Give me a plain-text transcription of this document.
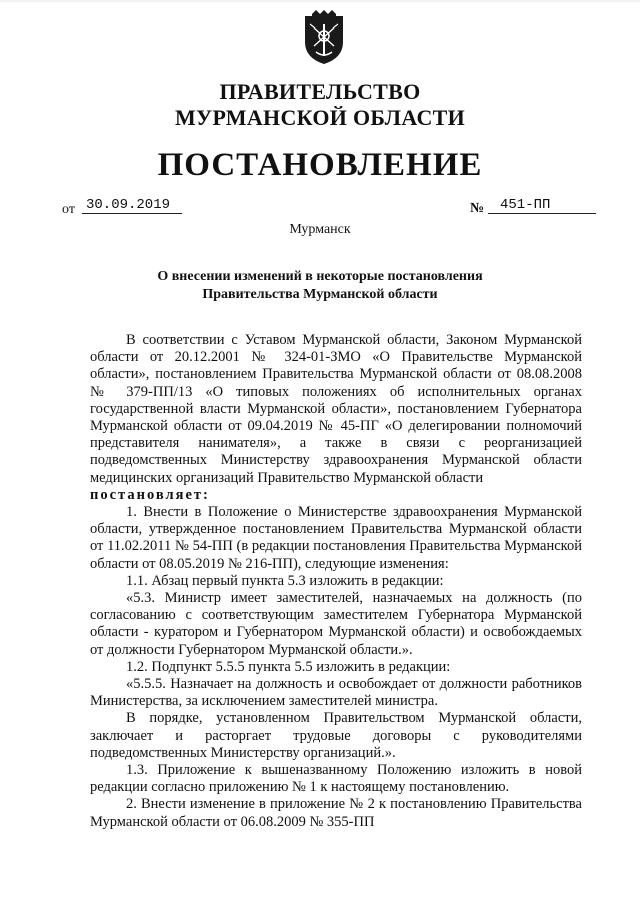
ПРАВИТЕЛЬСТВО
МУРМАНСКОЙ ОБЛАСТИ
ПОСТАНОВЛЕНИЕ
от 30.09.2019	№	451-ПП
Мурманск
О внесении изменений в некоторые постановления
Правительства Мурманской области

В соответствии с Уставом Мурманской области, Законом Мурманской области от 20.12.2001 № 324-01-ЗМО «О Правительстве Мурманской области», постановлением Правительства Мурманской области от 08.08.2008 № 379-ПП/13 «О типовых положениях об исполнительных органах государственной власти Мурманской области», постановлением Губернатора Мурманской области от 09.04.2019 № 45-ПГ «О делегировании полномочий представителя нанимателя», а также в связи с реорганизацией подведомственных Министерству здравоохранения Мурманской области медицинских организаций Правительство Мурманской области

постановляет:

1. Внести в Положение о Министерстве здравоохранения Мурманской области, утвержденное постановлением Правительства Мурманской области от 11.02.2011 № 54-ПП (в редакции постановления Правительства Мурманской области от 08.05.2019 № 216-ПП), следующие изменения:

1.1. Абзац первый пункта 5.3 изложить в редакции:

«5.3. Министр имеет заместителей, назначаемых на должность (по согласованию с соответствующим заместителем Губернатора Мурманской области - куратором и Губернатором Мурманской области) и освобождаемых от должности Губернатором Мурманской области.».

1.2. Подпункт 5.5.5 пункта 5.5 изложить в редакции:

«5.5.5. Назначает на должность и освобождает от должности работников Министерства, за исключением заместителей министра.

В порядке, установленном Правительством Мурманской области, заключает и расторгает трудовые договоры с руководителями подведомственных Министерству организаций.».

1.3. Приложение к вышеназванному Положению изложить в новой редакции согласно приложению № 1 к настоящему постановлению.

2. Внести изменение в приложение № 2 к постановлению Правительства Мурманской области от 06.08.2009 № 355-ПП
